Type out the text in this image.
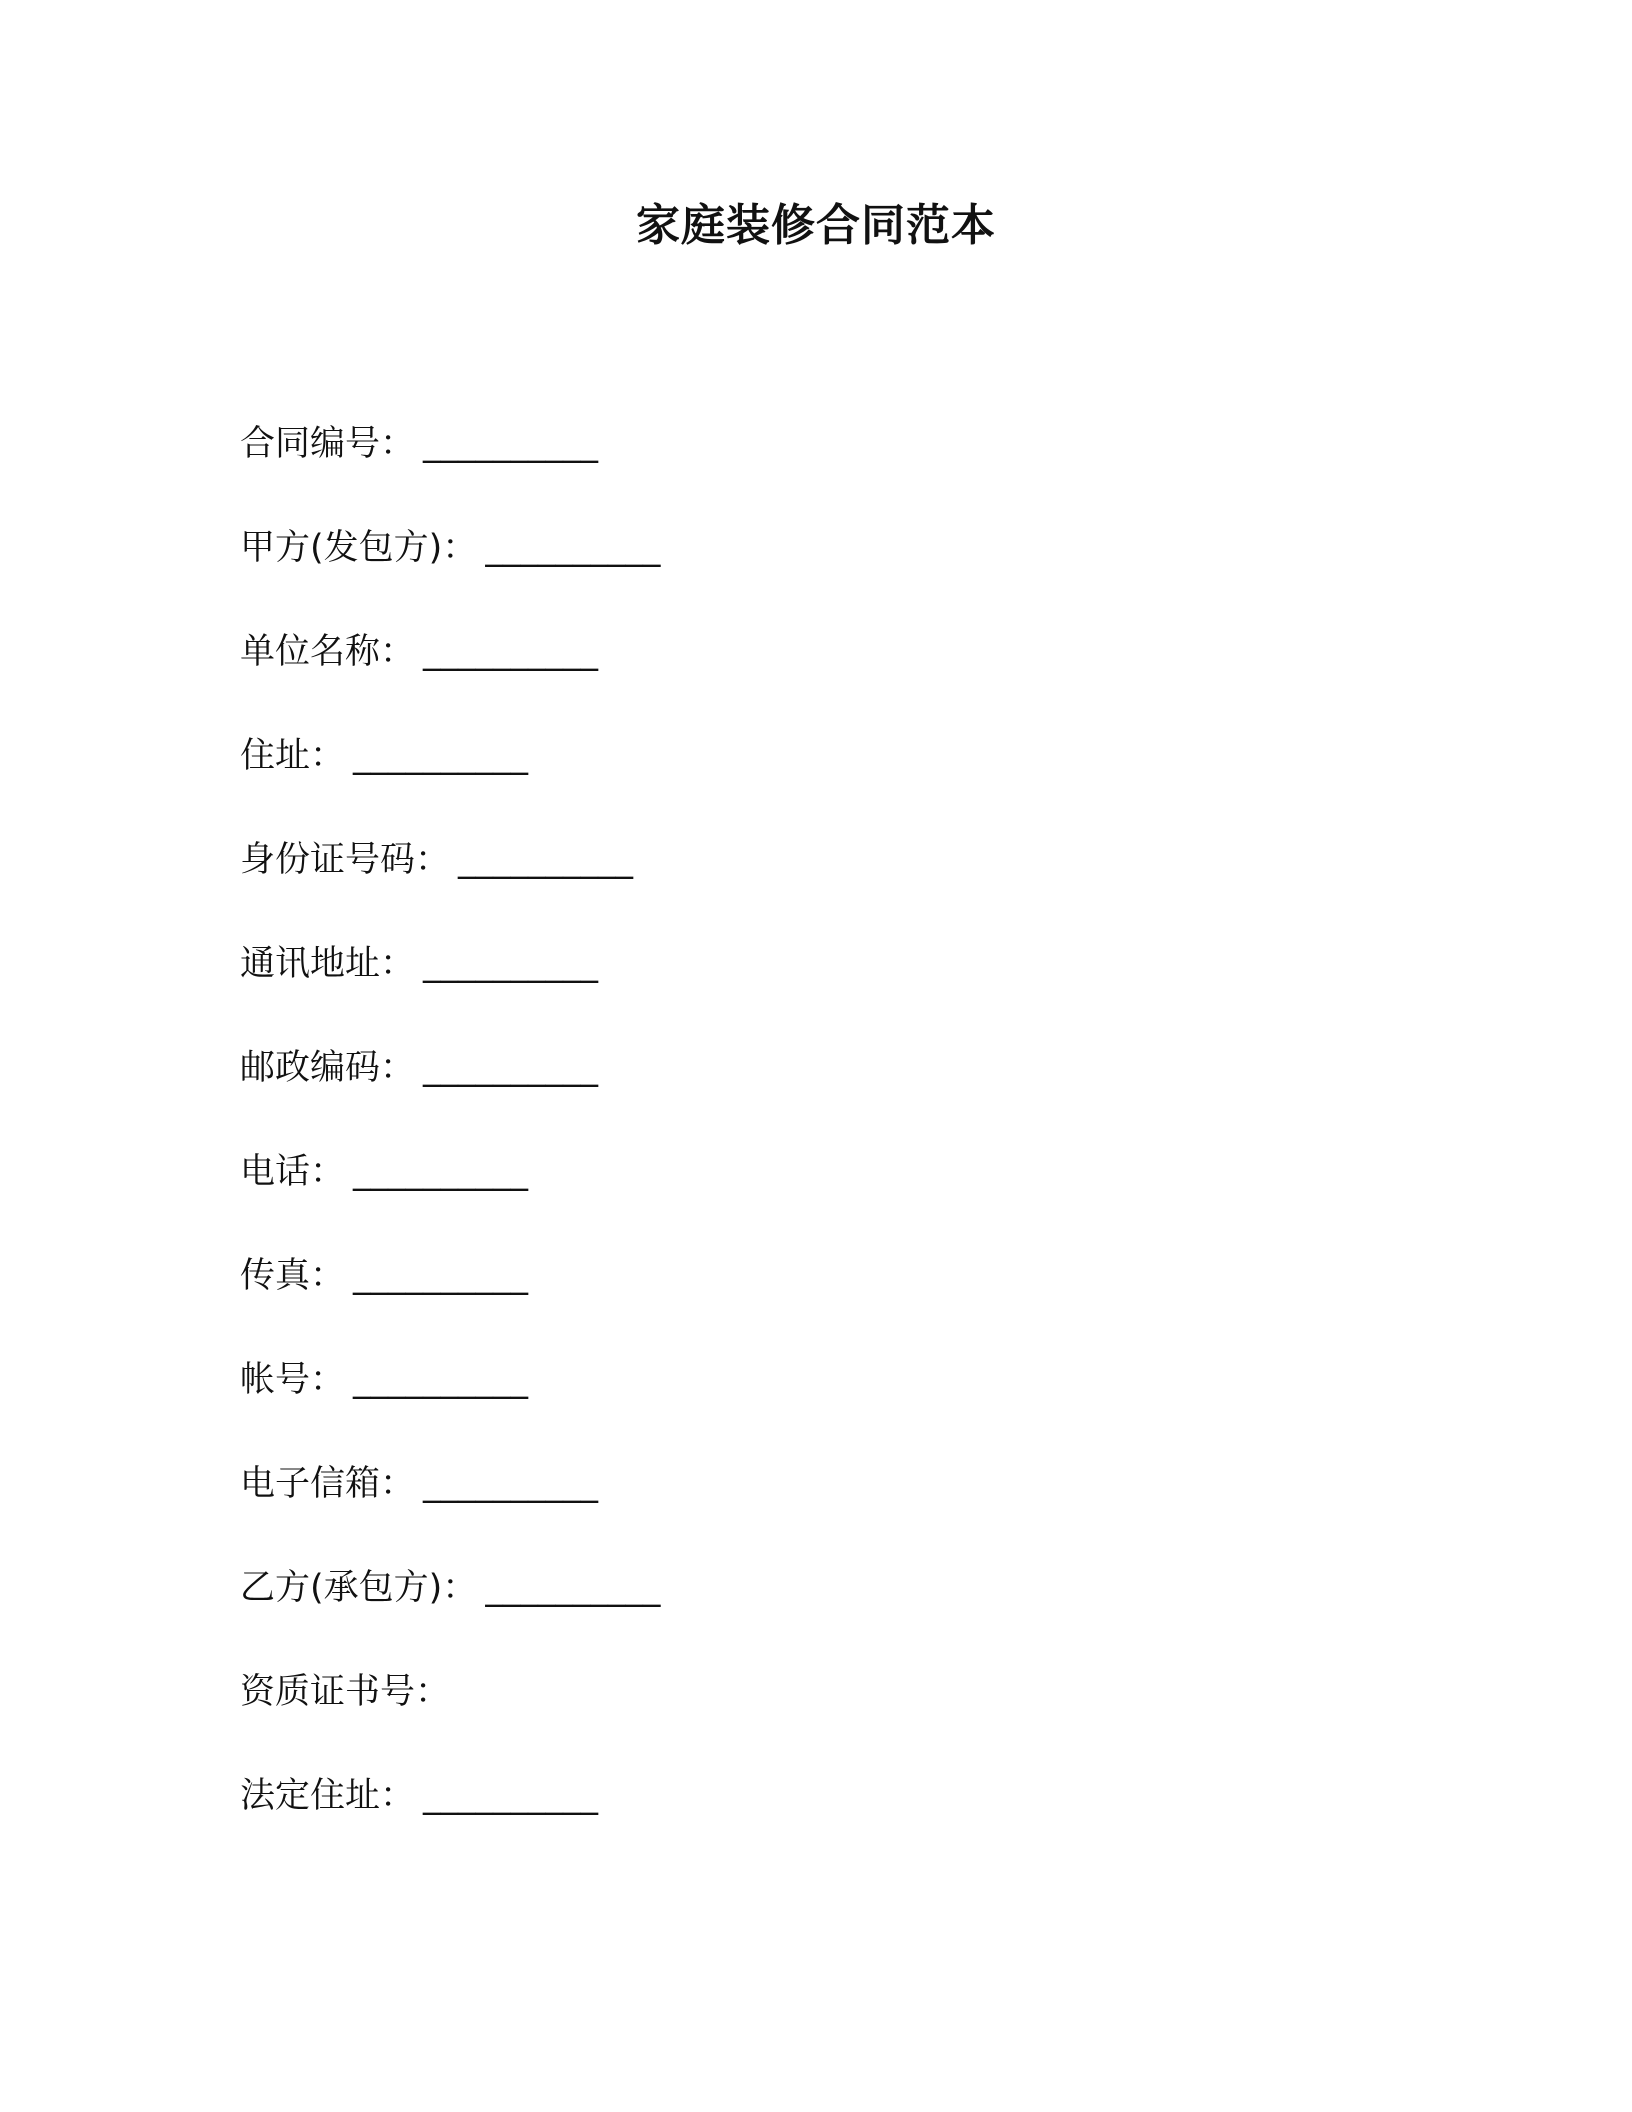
家庭装修合同范本
合同编号： __________
甲方(发包方)： __________
单位名称： __________
住址： __________
身份证号码： __________
通讯地址： __________
邮政编码： __________
电话： __________
传真： __________
帐号： __________
电子信箱： __________
乙方(承包方)： __________
资质证书号：
法定住址： __________
